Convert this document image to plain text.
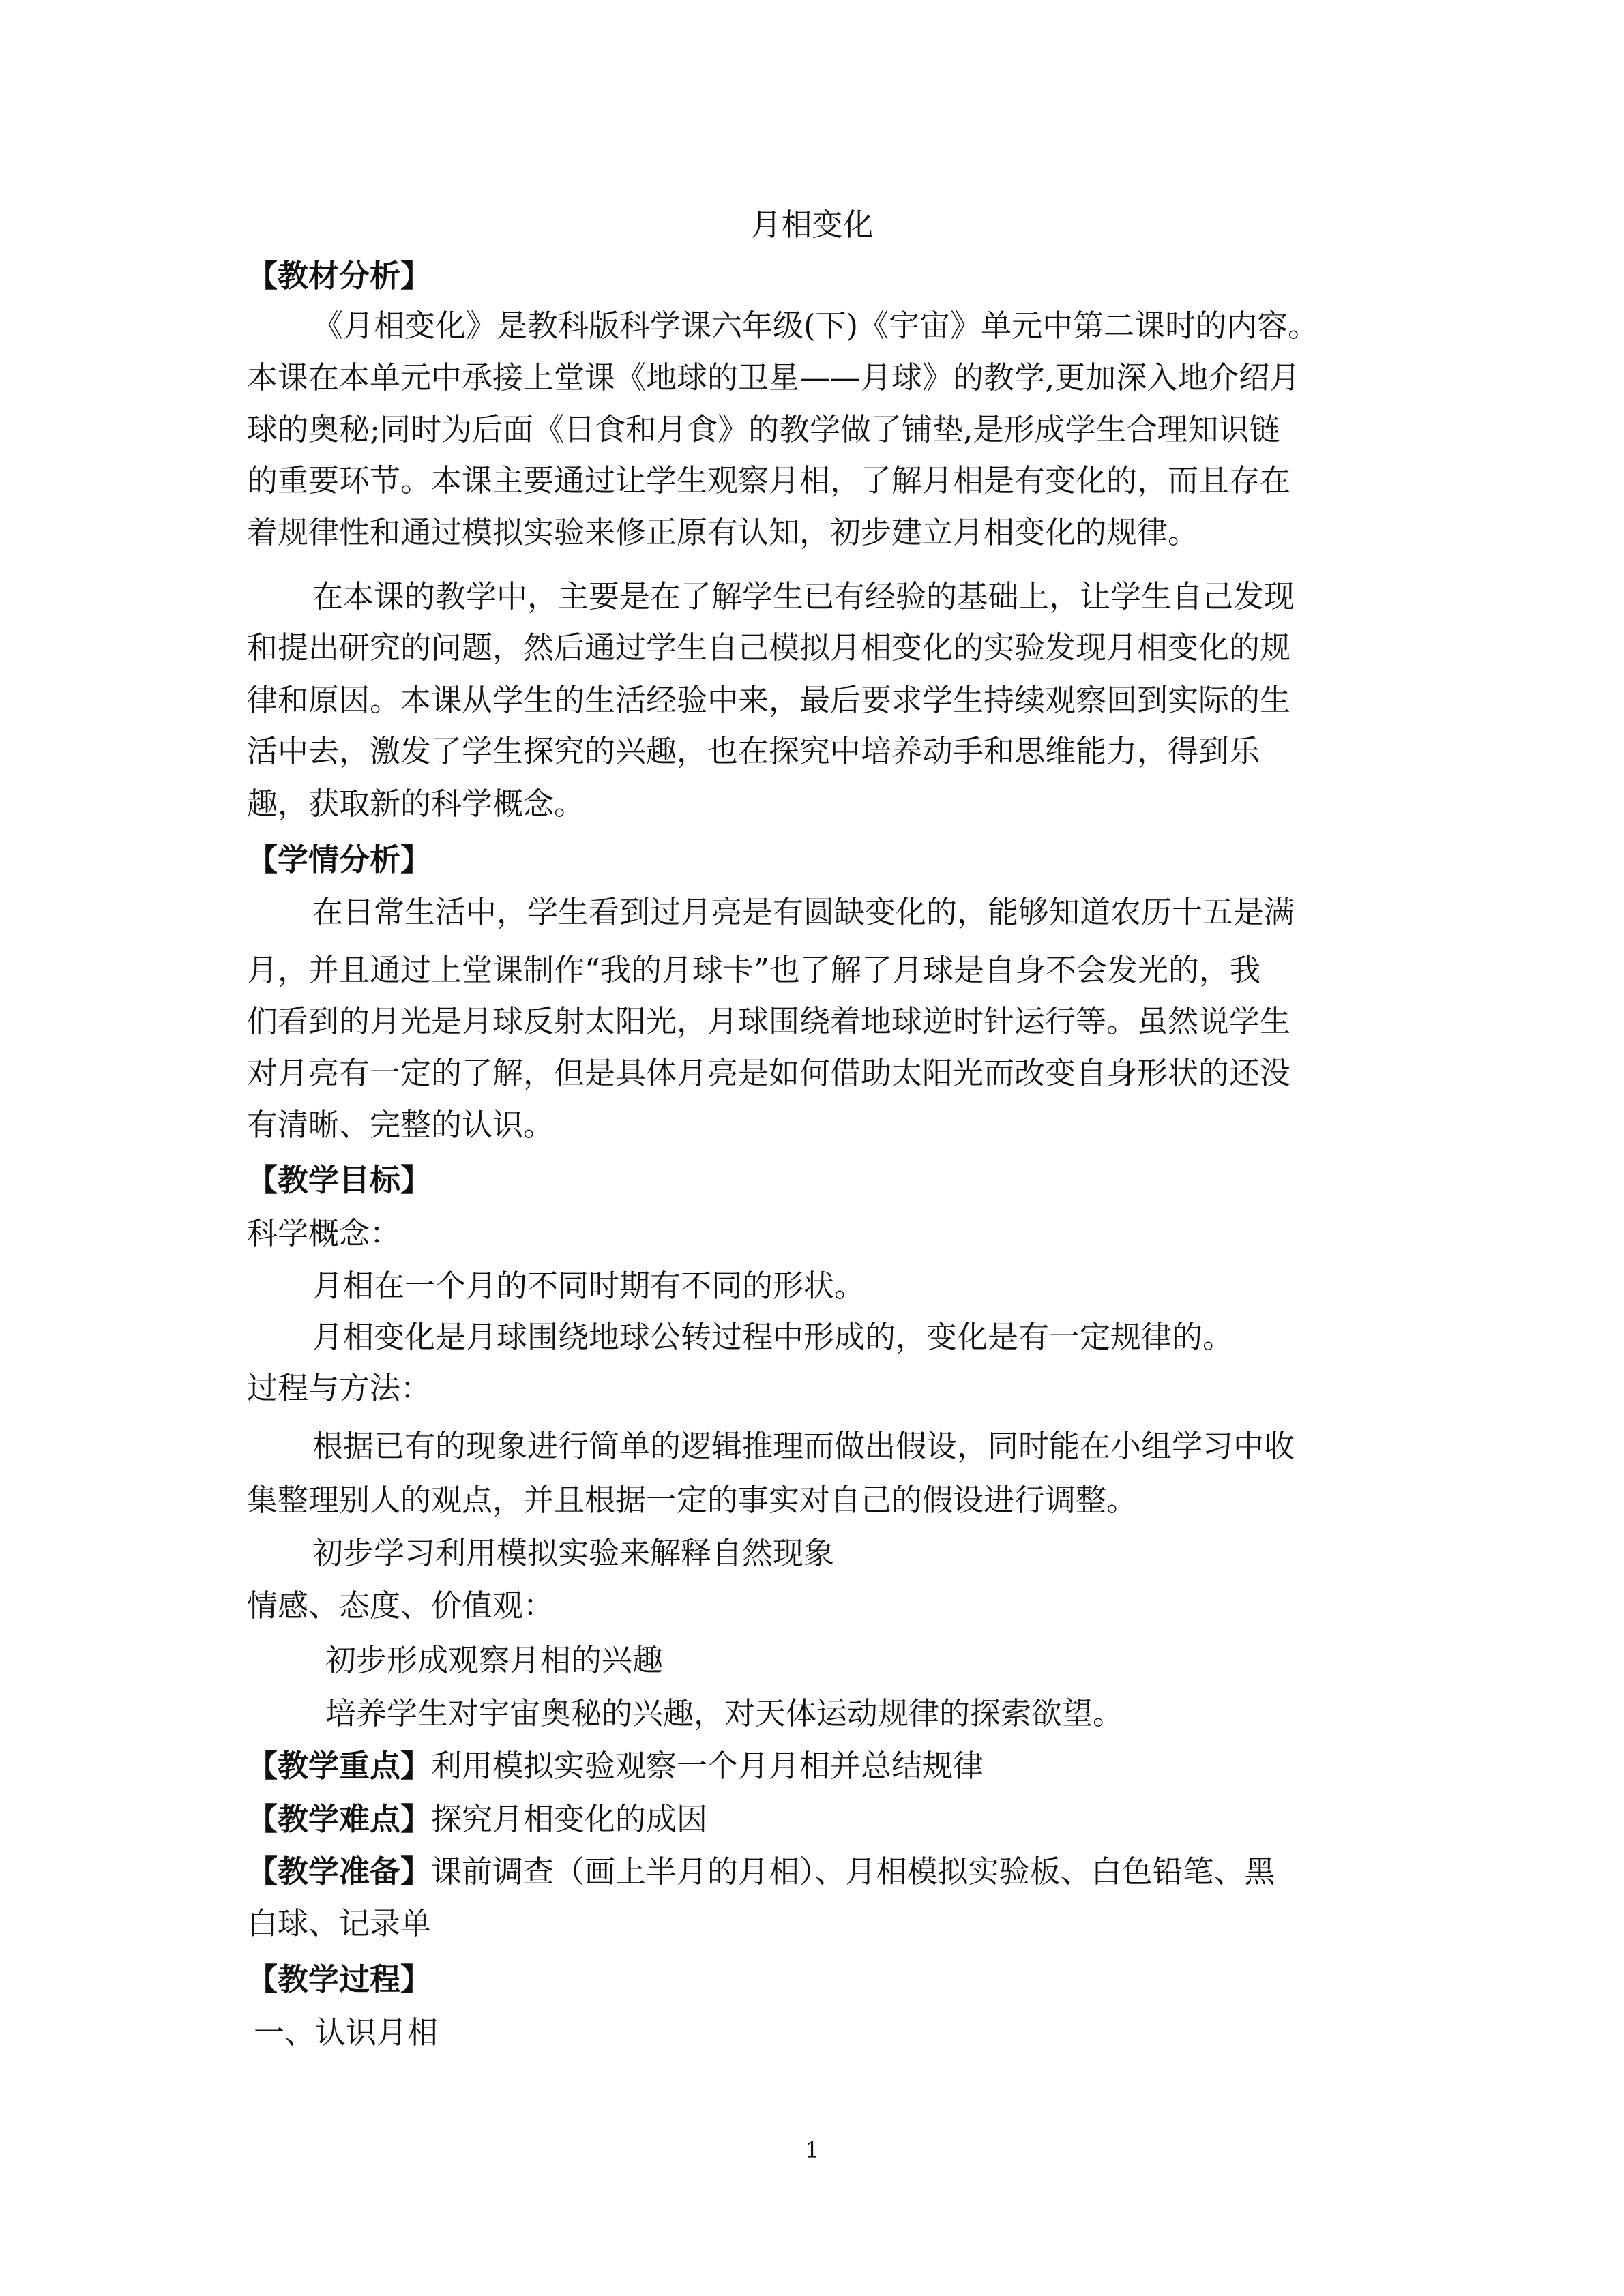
月相变化
【教材分析】
《月相变化》是教科版科学课六年级(下)《宇宙》单元中第二课时的内容。
本课在本单元中承接上堂课《地球的卫星——月球》的教学,更加深入地介绍月
球的奥秘;同时为后面《日食和月食》的教学做了铺垫,是形成学生合理知识链
的重要环节。本课主要通过让学生观察月相，了解月相是有变化的，而且存在
着规律性和通过模拟实验来修正原有认知，初步建立月相变化的规律。
在本课的教学中，主要是在了解学生已有经验的基础上，让学生自己发现
和提出研究的问题，然后通过学生自己模拟月相变化的实验发现月相变化的规
律和原因。本课从学生的生活经验中来，最后要求学生持续观察回到实际的生
活中去，激发了学生探究的兴趣，也在探究中培养动手和思维能力，得到乐
趣，获取新的科学概念。
【学情分析】
在日常生活中，学生看到过月亮是有圆缺变化的，能够知道农历十五是满
月，并且通过上堂课制作“我的月球卡”也了解了月球是自身不会发光的，我
们看到的月光是月球反射太阳光，月球围绕着地球逆时针运行等。虽然说学生
对月亮有一定的了解，但是具体月亮是如何借助太阳光而改变自身形状的还没
有清晰、完整的认识。
【教学目标】
科学概念：
月相在一个月的不同时期有不同的形状。
月相变化是月球围绕地球公转过程中形成的，变化是有一定规律的。
过程与方法：
根据已有的现象进行简单的逻辑推理而做出假设，同时能在小组学习中收
集整理别人的观点，并且根据一定的事实对自己的假设进行调整。
初步学习利用模拟实验来解释自然现象
情感、态度、价值观：
初步形成观察月相的兴趣
培养学生对宇宙奥秘的兴趣，对天体运动规律的探索欲望。
【教学重点】利用模拟实验观察一个月月相并总结规律
【教学难点】探究月相变化的成因
【教学准备】课前调查（画上半月的月相）、月相模拟实验板、白色铅笔、黑
白球、记录单
【教学过程】
一、认识月相
1
